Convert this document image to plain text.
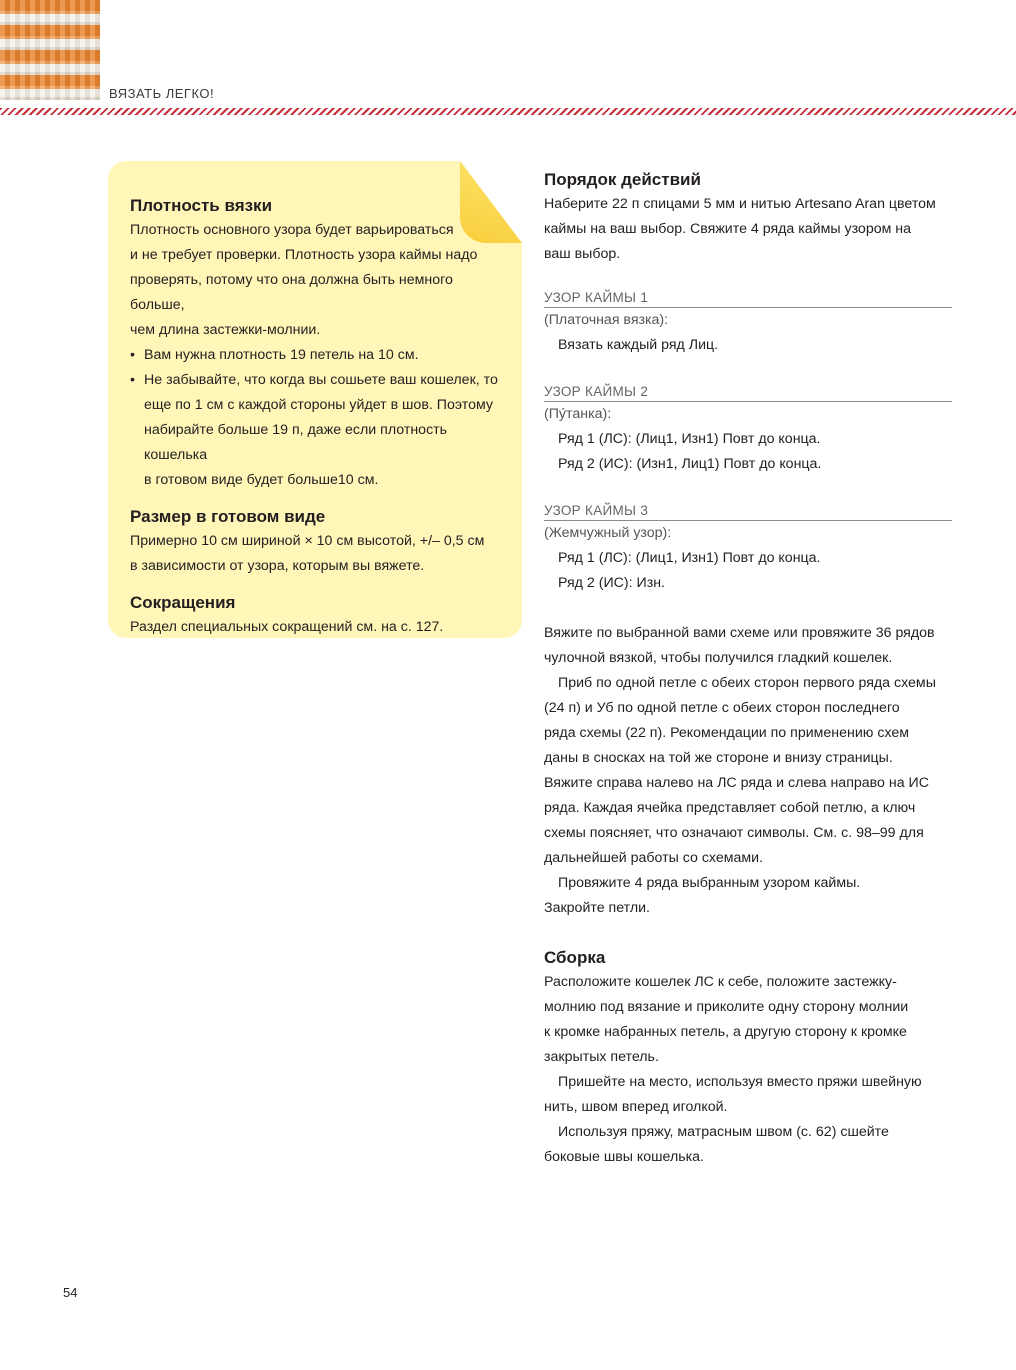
ВЯЗАТЬ ЛЕГКО!
Плотность вязки

Плотность основного узора будет варьироваться

и не требует проверки. Плотность узора каймы надо

проверять, потому что она должна быть немного больше,

чем длина застежки-молнии.

• Вам нужна плотность 19 петель на 10 см.
• Не забывайте, что когда вы сошьете ваш кошелек, то
еще по 1 см с каждой стороны уйдет в шов. Поэтому
набирайте больше 19 п, даже если плотность кошелька
в готовом виде будет больше10 см.
Размер в готовом виде

Примерно 10 см шириной × 10 см высотой, +/– 0,5 см

в зависимости от узора, которым вы вяжете.

Сокращения

Раздел специальных сокращений см. на с. 127.

Порядок действий

Наберите 22 п спицами 5 мм и нитью Artesano Aran цветом

каймы на ваш выбор. Свяжите 4 ряда каймы узором на

ваш выбор.

УЗОР КАЙМЫ 1

(Платочная вязка):

Вязать каждый ряд Лиц.

УЗОР КАЙМЫ 2

(Пу́танка):

Ряд 1 (ЛС): (Лиц1, Изн1) Повт до конца.

Ряд 2 (ИС): (Изн1, Лиц1) Повт до конца.

УЗОР КАЙМЫ 3

(Жемчужный узор):

Ряд 1 (ЛС): (Лиц1, Изн1) Повт до конца.

Ряд 2 (ИС): Изн.

Вяжите по выбранной вами схеме или провяжите 36 рядов

чулочной вязкой, чтобы получился гладкий кошелек.

Приб по одной петле с обеих сторон первого ряда схемы

(24 п) и Уб по одной петле с обеих сторон последнего

ряда схемы (22 п). Рекомендации по применению схем

даны в сносках на той же стороне и внизу страницы.

Вяжите справа налево на ЛС ряда и слева направо на ИС

ряда. Каждая ячейка представляет собой петлю, а ключ

схемы поясняет, что означают символы. См. с. 98–99 для

дальнейшей работы со схемами.

Провяжите 4 ряда выбранным узором каймы.

Закройте петли.

Сборка

Расположите кошелек ЛС к себе, положите застежку-

молнию под вязание и приколите одну сторону молнии

к кромке набранных петель, а другую сторону к кромке

закрытых петель.

Пришейте на место, используя вместо пряжи швейную

нить, швом вперед иголкой.

Используя пряжу, матрасным швом (с. 62) сшейте

боковые швы кошелька.

54
